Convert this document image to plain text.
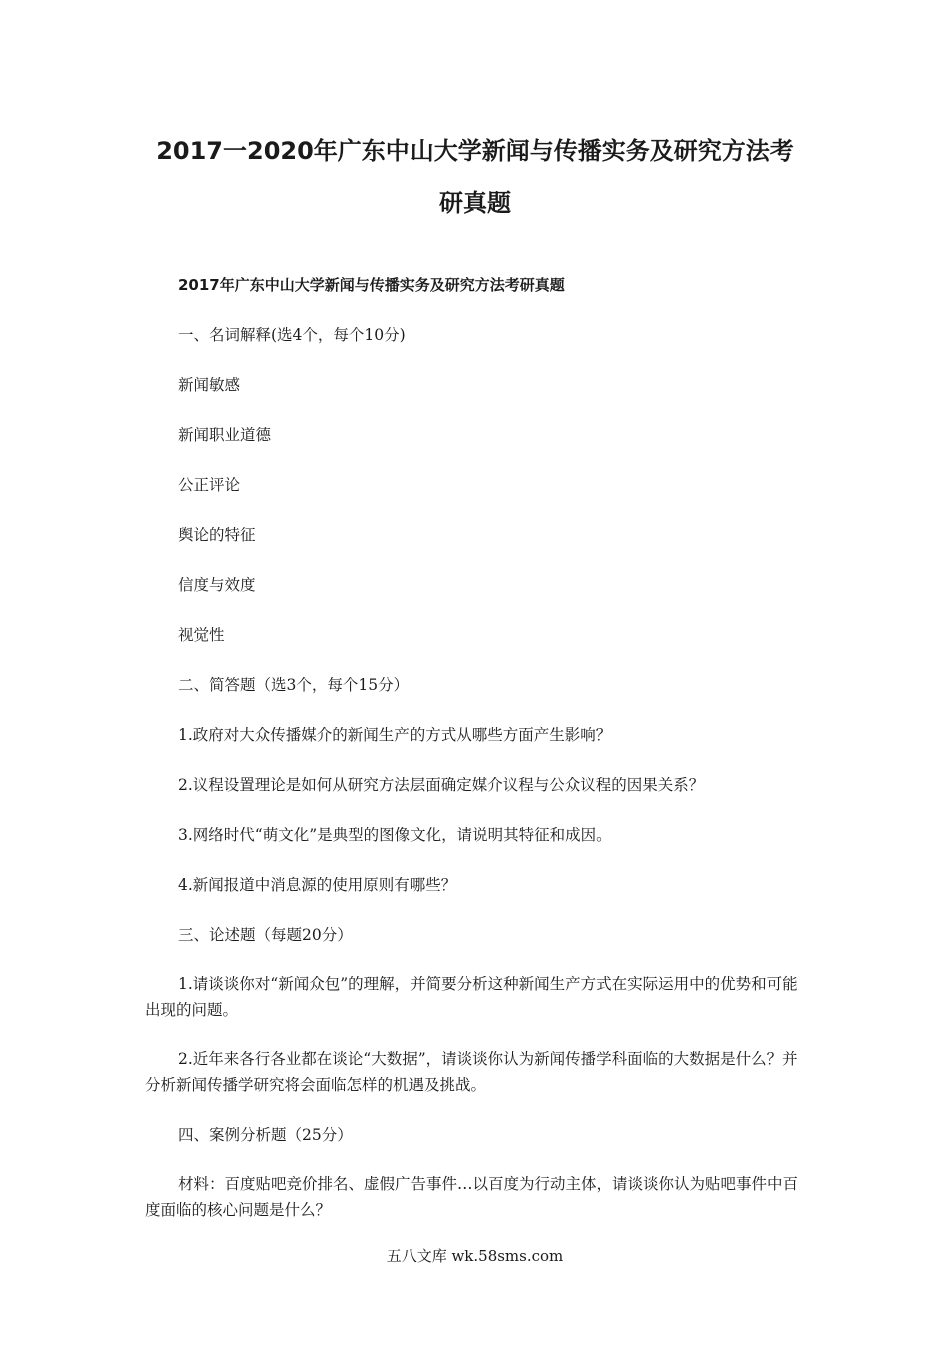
2017一2020年广东中山大学新闻与传播实务及研究方法考
研真题

2017年广东中山大学新闻与传播实务及研究方法考研真题

一、名词解释(选4个，每个10分)

新闻敏感

新闻职业道德

公正评论

舆论的特征

信度与效度

视觉性

二、简答题（选3个，每个15分）

1.政府对大众传播媒介的新闻生产的方式从哪些方面产生影响？

2.议程设置理论是如何从研究方法层面确定媒介议程与公众议程的因果关系？

3.网络时代“萌文化”是典型的图像文化，请说明其特征和成因。

4.新闻报道中消息源的使用原则有哪些？

三、论述题（每题20分）

1.请谈谈你对“新闻众包”的理解，并简要分析这种新闻生产方式在实际运用中的优势和可能出现的问题。

2.近年来各行各业都在谈论“大数据”，请谈谈你认为新闻传播学科面临的大数据是什么？并分析新闻传播学研究将会面临怎样的机遇及挑战。

四、案例分析题（25分）

材料：百度贴吧竞价排名、虚假广告事件…以百度为行动主体，请谈谈你认为贴吧事件中百度面临的核心问题是什么？

五八文库 wk.58sms.com
